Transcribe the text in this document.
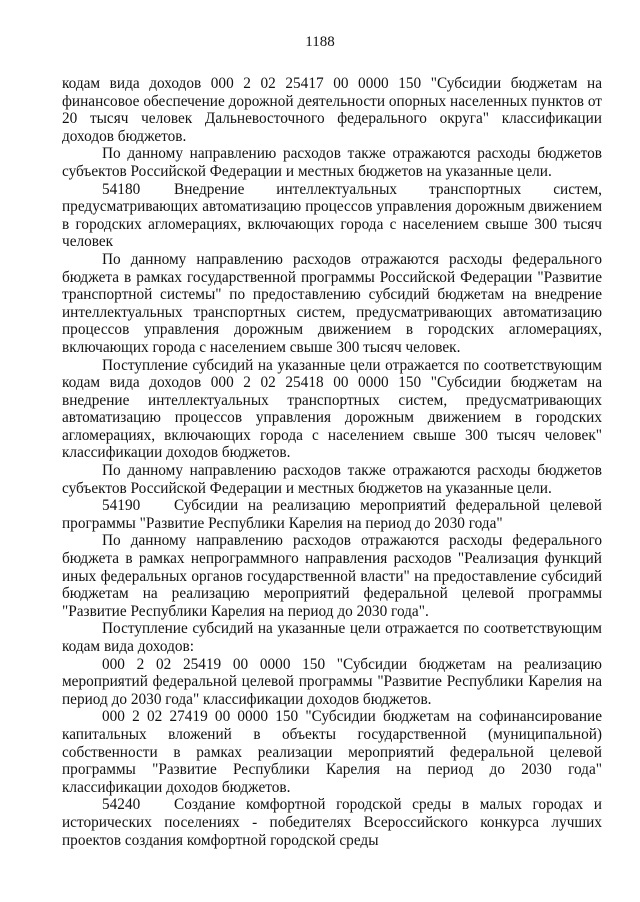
1188

кодам вида доходов 000 2 02 25417 00 0000 150 "Субсидии бюджетам на финансовое обеспечение дорожной деятельности опорных населенных пунктов от 20 тысяч человек Дальневосточного федерального округа" классификации доходов бюджетов.

По данному направлению расходов также отражаются расходы бюджетов субъектов Российской Федерации и местных бюджетов на указанные цели.

54180 Внедрение интеллектуальных транспортных систем, предусматривающих автоматизацию процессов управления дорожным движением в городских агломерациях, включающих города с населением свыше 300 тысяч человек

По данному направлению расходов отражаются расходы федерального бюджета в рамках государственной программы Российской Федерации "Развитие транспортной системы" по предоставлению субсидий бюджетам на внедрение интеллектуальных транспортных систем, предусматривающих автоматизацию процессов управления дорожным движением в городских агломерациях, включающих города с населением свыше 300 тысяч человек.

Поступление субсидий на указанные цели отражается по соответствующим кодам вида доходов 000 2 02 25418 00 0000 150 "Субсидии бюджетам на внедрение интеллектуальных транспортных систем, предусматривающих автоматизацию процессов управления дорожным движением в городских агломерациях, включающих города с населением свыше 300 тысяч человек" классификации доходов бюджетов.

По данному направлению расходов также отражаются расходы бюджетов субъектов Российской Федерации и местных бюджетов на указанные цели.

54190 Субсидии на реализацию мероприятий федеральной целевой программы "Развитие Республики Карелия на период до 2030 года"

По данному направлению расходов отражаются расходы федерального бюджета в рамках непрограммного направления расходов "Реализация функций иных федеральных органов государственной власти" на предоставление субсидий бюджетам на реализацию мероприятий федеральной целевой программы "Развитие Республики Карелия на период до 2030 года".

Поступление субсидий на указанные цели отражается по соответствующим кодам вида доходов:

000 2 02 25419 00 0000 150 "Субсидии бюджетам на реализацию мероприятий федеральной целевой программы "Развитие Республики Карелия на период до 2030 года" классификации доходов бюджетов.

000 2 02 27419 00 0000 150 "Субсидии бюджетам на софинансирование капитальных вложений в объекты государственной (муниципальной) собственности в рамках реализации мероприятий федеральной целевой программы "Развитие Республики Карелия на период до 2030 года" классификации доходов бюджетов.

54240 Создание комфортной городской среды в малых городах и исторических поселениях - победителях Всероссийского конкурса лучших проектов создания комфортной городской среды
